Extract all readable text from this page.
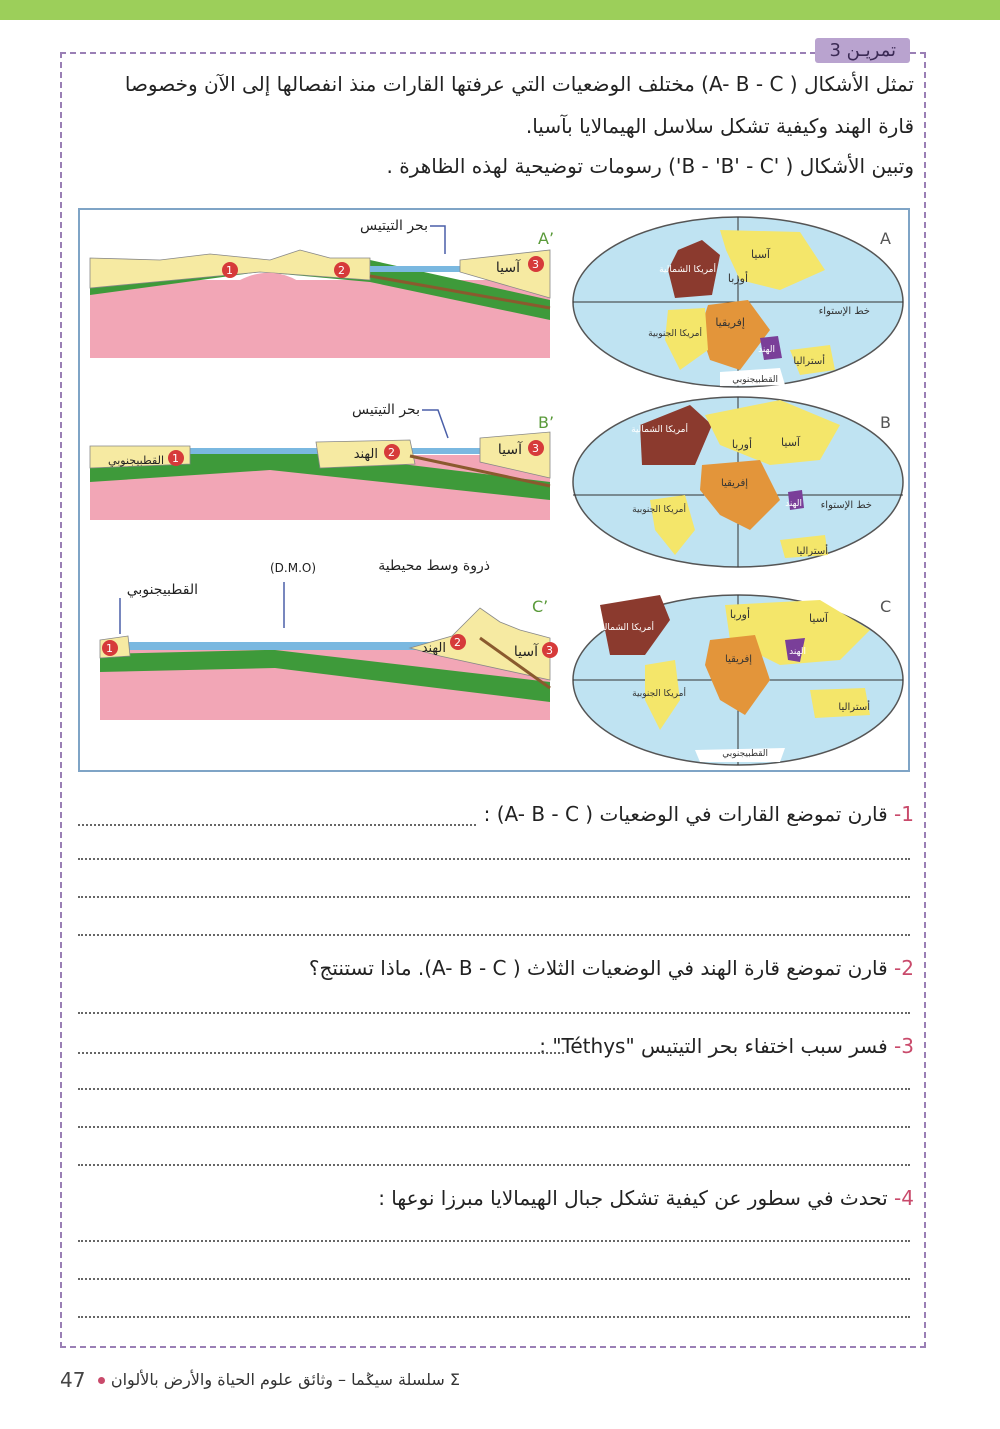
تمريـن 3
تمثل الأشكال ( A- B - C) مختلف الوضعيات التي عرفتها القارات منذ انفصالها إلى الآن وخصوصا
قارة الهند وكيفية تشكل سلاسل الهيمالايا بآسيا.
وتبين الأشكال ( 'B - 'B' - C') رسومات توضيحية لهذه الظاهرة .
A
آسيا
أوربا
أمريكا الشمالية
خط الإستواء
إفريقيا
أمريكا الجنوبية
الهند
أستراليا
القطبيجنوبي
B
آسيا
أوربا
أمريكا الشمالية
إفريقيا
خط الإستواء
الهند
أمريكا الجنوبية
أستراليا
C
أوربا	آسيا
أمريكا الشمالية
إفريقيا
الهند
أمريكا الجنوبية
أستراليا
القطبيجنوبي
A’
بحر التيتيس
1	2	3
آسيا
B’
بحر التيتيس
1
القطبيجنوبي
2
الهند	3
آسيا
C’
ذروة وسط محيطية
(D.M.O)
القطبيجنوبي
1	2
الهند	3
آسيا
1- قارن تموضع القارات في الوضعيات ( A- B - C) :
2- قارن تموضع قارة الهند في الوضعيات الثلاث ( A- B - C). ماذا تستنتج؟
3- فسر سبب اختفاء بحر التيتيس "Téthys" :
4- تحدث في سطور عن كيفية تشكل جبال الهيمالايا مبرزا نوعها :
47 Σ سلسلة سيݣما – وثائق علوم الحياة والأرض بالألوان
